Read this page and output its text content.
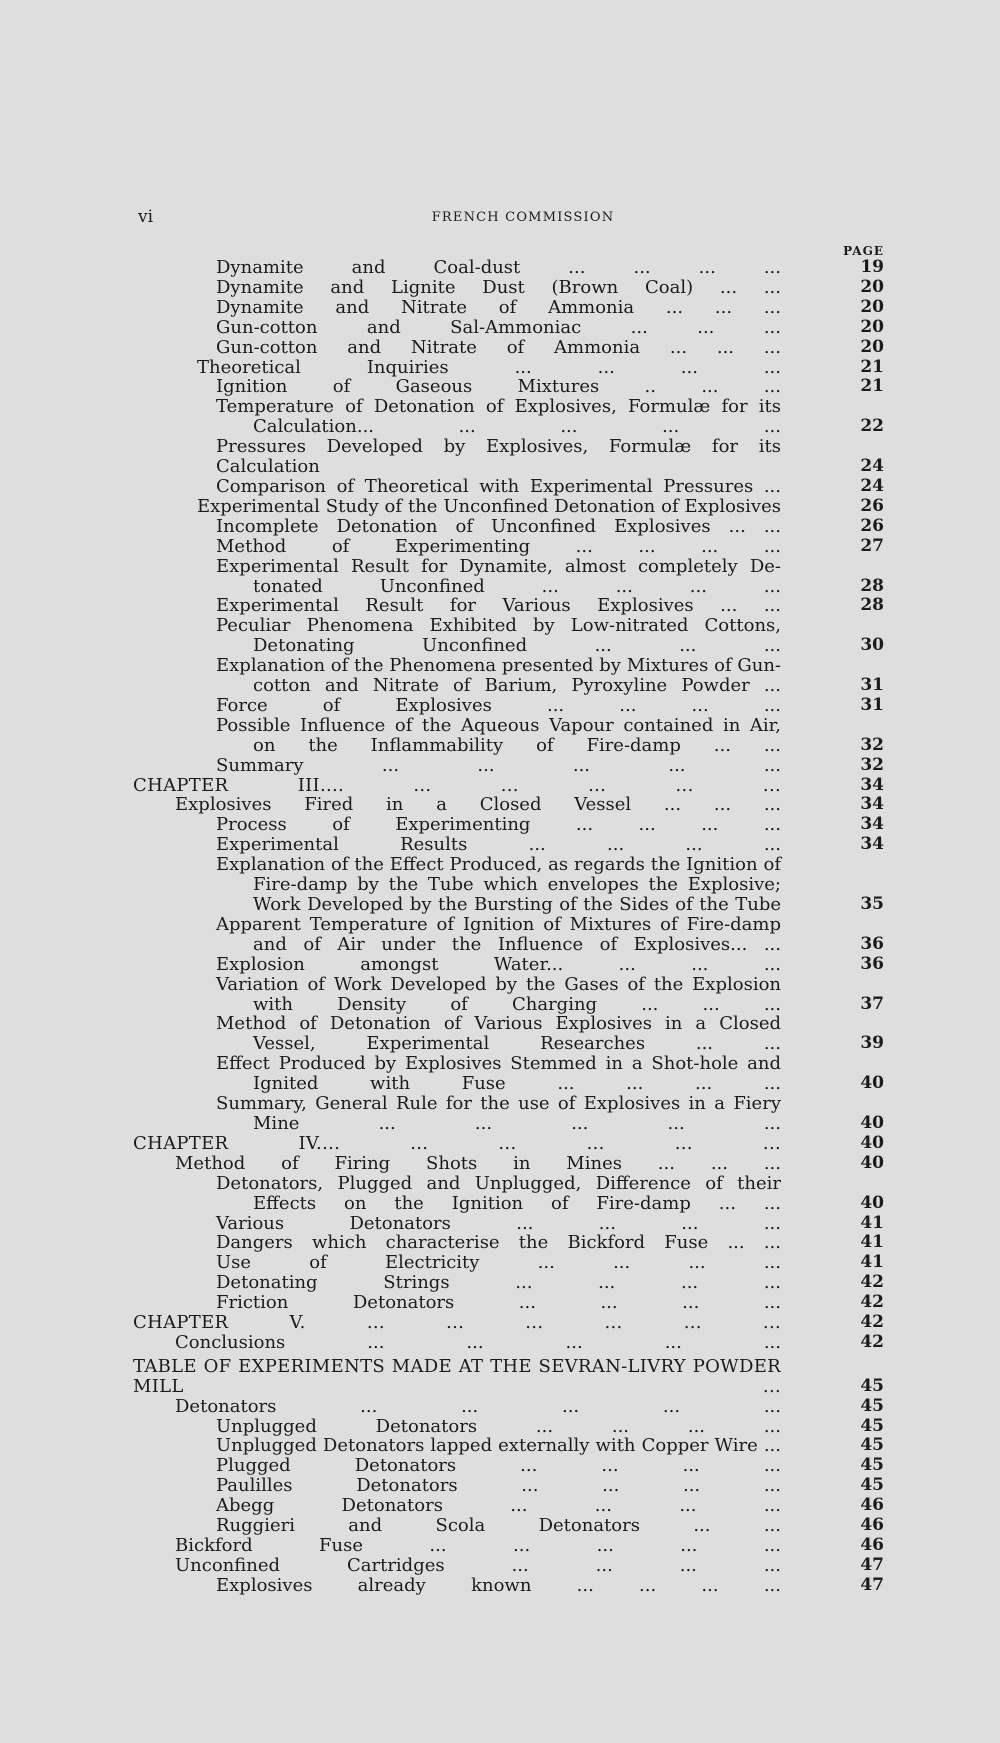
vi	FRENCH COMMISSION
PAGE
Dynamite and Coal-dust ... ... ... ...	19
Dynamite and Lignite Dust (Brown Coal) ... ...	20
Dynamite and Nitrate of Ammonia ... ... ...	20
Gun-cotton and Sal-Ammoniac ... ... ...	20
Gun-cotton and Nitrate of Ammonia ... ... ...	20
Theoretical Inquiries ... ... ... ...	21
Ignition of Gaseous Mixtures .. ... ...	21
Temperature of Detonation of Explosives, Formulæ for its
Calculation... ... ... ... ...	22
Pressures Developed by Explosives, Formulæ for its Calculation	24
Comparison of Theoretical with Experimental Pressures ...	24
Experimental Study of the Unconfined Detonation of Explosives	26
Incomplete Detonation of Unconfined Explosives ... ...	26
Method of Experimenting ... ... ... ...	27
Experimental Result for Dynamite, almost completely De-
tonated Unconfined ... ... ... ...	28
Experimental Result for Various Explosives ... ...	28
Peculiar Phenomena Exhibited by Low-nitrated Cottons,
Detonating Unconfined ... ... ...	30
Explanation of the Phenomena presented by Mixtures of Gun-
cotton and Nitrate of Barium, Pyroxyline Powder ...	31
Force of Explosives ... ... ... ...	31
Possible Influence of the Aqueous Vapour contained in Air,
on the Inflammability of Fire-damp ... ...	32
Summary ... ... ... ... ...	32
CHAPTER III.... ... ... ... ... ...	34
Explosives Fired in a Closed Vessel ... ... ...	34
Process of Experimenting ... ... ... ...	34
Experimental Results ... ... ... ...	34
Explanation of the Effect Produced, as regards the Ignition of
Fire-damp by the Tube which envelopes the Explosive;
Work Developed by the Bursting of the Sides of the Tube	35
Apparent Temperature of Ignition of Mixtures of Fire-damp
and of Air under the Influence of Explosives... ...	36
Explosion amongst Water... ... ... ...	36
Variation of Work Developed by the Gases of the Explosion
with Density of Charging ... ... ...	37
Method of Detonation of Various Explosives in a Closed
Vessel, Experimental Researches ... ...	39
Effect Produced by Explosives Stemmed in a Shot-hole and
Ignited with Fuse ... ... ... ...	40
Summary, General Rule for the use of Explosives in a Fiery
Mine ... ... ... ... ...	40
CHAPTER IV.... ... ... ... ... ...	40
Method of Firing Shots in Mines ... ... ...	40
Detonators, Plugged and Unplugged, Difference of their
Effects on the Ignition of Fire-damp ... ...	40
Various Detonators ... ... ... ...	41
Dangers which characterise the Bickford Fuse ... ...	41
Use of Electricity ... ... ... ...	41
Detonating Strings ... ... ... ...	42
Friction Detonators ... ... ... ...	42
CHAPTER V. ... ... ... ... ... ...	42
Conclusions ... ... ... ... ...	42
TABLE OF EXPERIMENTS MADE AT THE SEVRAN-LIVRY POWDER MILL ...	45
Detonators ... ... ... ... ...	45
Unplugged Detonators ... ... ... ...	45
Unplugged Detonators lapped externally with Copper Wire ...	45
Plugged Detonators ... ... ... ...	45
Paulilles Detonators ... ... ... ...	45
Abegg Detonators ... ... ... ...	46
Ruggieri and Scola Detonators ... ...	46
Bickford Fuse ... ... ... ... ...	46
Unconfined Cartridges ... ... ... ...	47
Explosives already known ... ... ... ...	47
